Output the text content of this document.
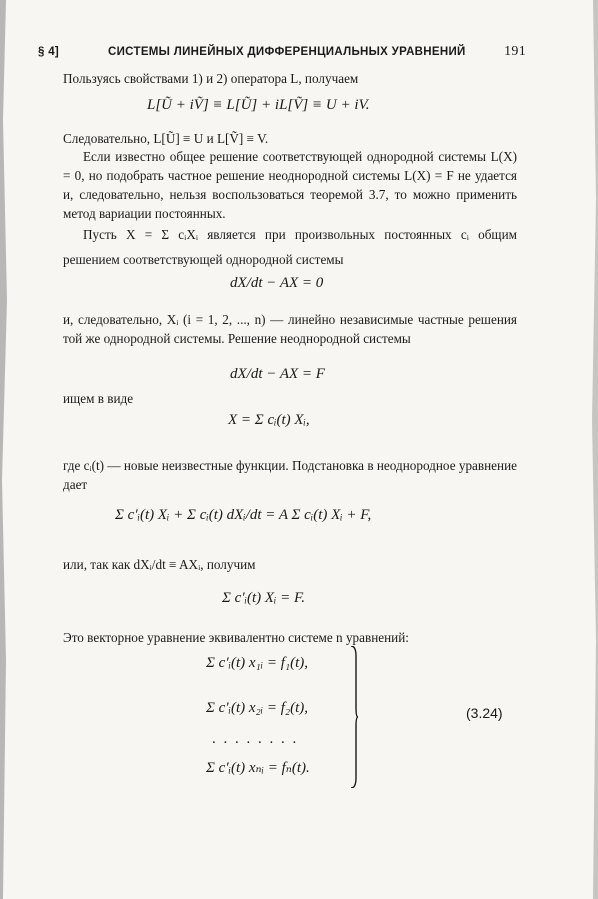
§ 4]	СИСТЕМЫ ЛИНЕЙНЫХ ДИФФЕРЕНЦИАЛЬНЫХ УРАВНЕНИЙ	191
Пользуясь свойствами 1) и 2) оператора L, получаем
L[Ũ + iṼ] ≡ L[Ũ] + iL[Ṽ] ≡ U + iV.
Следовательно, L[Ũ] ≡ U и L[Ṽ] ≡ V.
Если известно общее решение соответствующей однородной системы L(X) = 0, но подобрать частное решение неоднородной системы L(X) = F не удается и, следовательно, нельзя воспользоваться теоремой 3.7, то можно применить метод вариации постоянных.
Пусть X = Σ cᵢXᵢ является при произвольных постоянных cᵢ общим решением соответствующей однородной системы
dX/dt − AX = 0
и, следовательно, Xᵢ (i = 1, 2, ..., n) — линейно независимые частные решения той же однородной системы. Решение неоднородной системы
dX/dt − AX = F
ищем в виде
X = Σ cᵢ(t) Xᵢ,
где cᵢ(t) — новые неизвестные функции. Подстановка в неоднородное уравнение дает
Σ c′ᵢ(t) Xᵢ + Σ cᵢ(t) dXᵢ/dt = A Σ cᵢ(t) Xᵢ + F,
или, так как dXᵢ/dt ≡ AXᵢ, получим
Σ c′ᵢ(t) Xᵢ = F.
Это векторное уравнение эквивалентно системе n уравнений:
Σ c′ᵢ(t) x₁ᵢ = f₁(t),
Σ c′ᵢ(t) x₂ᵢ = f₂(t),
. . . . . . . .
Σ c′ᵢ(t) xₙᵢ = fₙ(t).
(3.24)
